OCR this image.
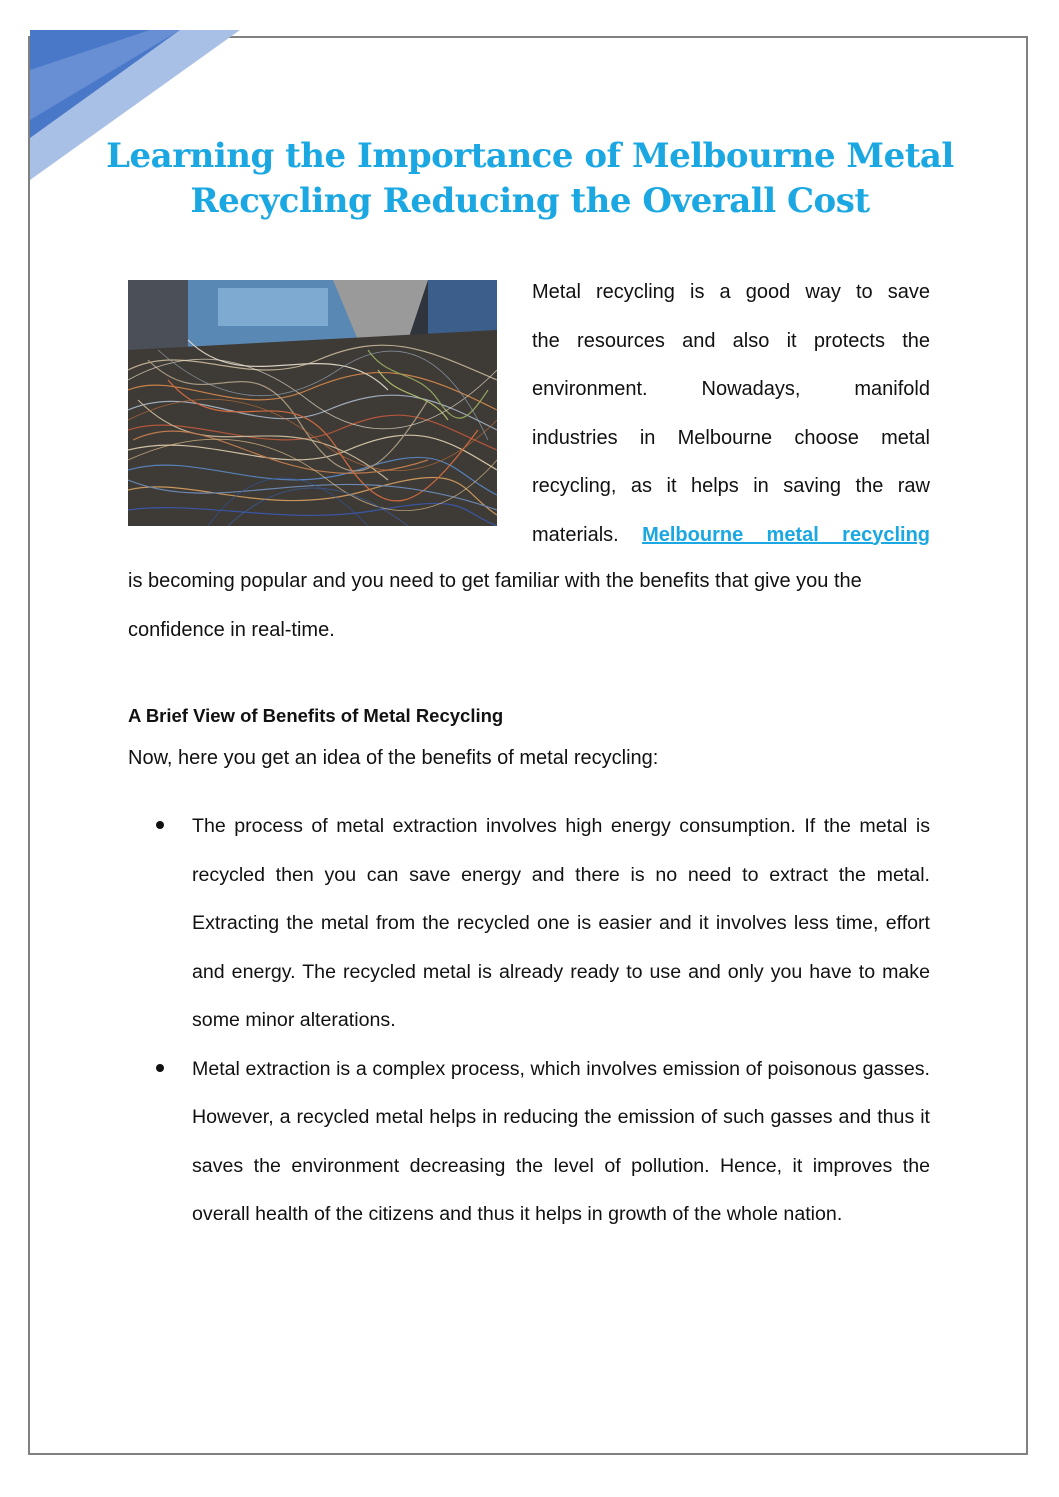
Learning the Importance of Melbourne Metal Recycling Reducing the Overall Cost
Metal recycling is a good way to save
the resources and also it protects the
environment. Nowadays, manifold
industries in Melbourne choose metal
recycling, as it helps in saving the raw
materials. Melbourne metal recycling

is becoming popular and you need to get familiar with the benefits that give you the confidence in real-time.

A Brief View of Benefits of Metal Recycling

Now, here you get an idea of the benefits of metal recycling:

The process of metal extraction involves high energy consumption. If the metal is recycled then you can save energy and there is no need to extract the metal. Extracting the metal from the recycled one is easier and it involves less time, effort and energy. The recycled metal is already ready to use and only you have to make some minor alterations.
Metal extraction is a complex process, which involves emission of poisonous gasses. However, a recycled metal helps in reducing the emission of such gasses and thus it saves the environment decreasing the level of pollution. Hence, it improves the overall health of the citizens and thus it helps in growth of the whole nation.
